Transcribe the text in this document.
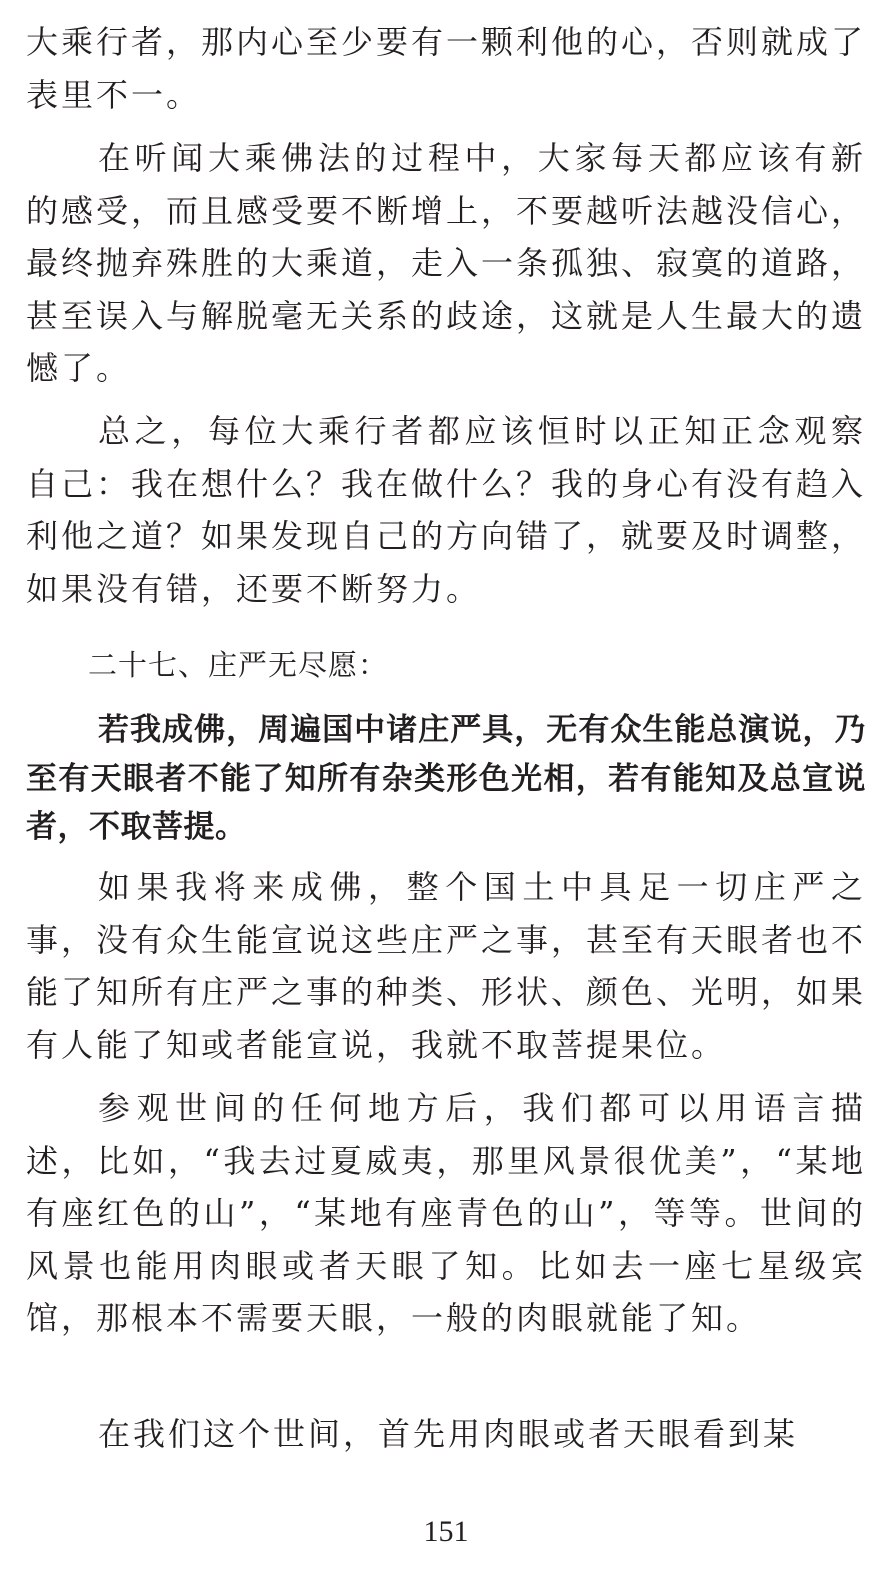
大乘行者，那内心至少要有一颗利他的心，否则就成了表里不一。

在听闻大乘佛法的过程中，大家每天都应该有新的感受，而且感受要不断增上，不要越听法越没信心，最终抛弃殊胜的大乘道，走入一条孤独、寂寞的道路，甚至误入与解脱毫无关系的歧途，这就是人生最大的遗憾了。

总之，每位大乘行者都应该恒时以正知正念观察自己：我在想什么？我在做什么？我的身心有没有趋入利他之道？如果发现自己的方向错了，就要及时调整，如果没有错，还要不断努力。

二十七、庄严无尽愿：

若我成佛，周遍国中诸庄严具，无有众生能总演说，乃至有天眼者不能了知所有杂类形色光相，若有能知及总宣说者，不取菩提。

如果我将来成佛，整个国土中具足一切庄严之事，没有众生能宣说这些庄严之事，甚至有天眼者也不能了知所有庄严之事的种类、形状、颜色、光明，如果有人能了知或者能宣说，我就不取菩提果位。

参观世间的任何地方后，我们都可以用语言描述，比如，“我去过夏威夷，那里风景很优美”，“某地有座红色的山”，“某地有座青色的山”，等等。世间的风景也能用肉眼或者天眼了知。比如去一座七星级宾馆，那根本不需要天眼，一般的肉眼就能了知。

在我们这个世间，首先用肉眼或者天眼看到某

151
